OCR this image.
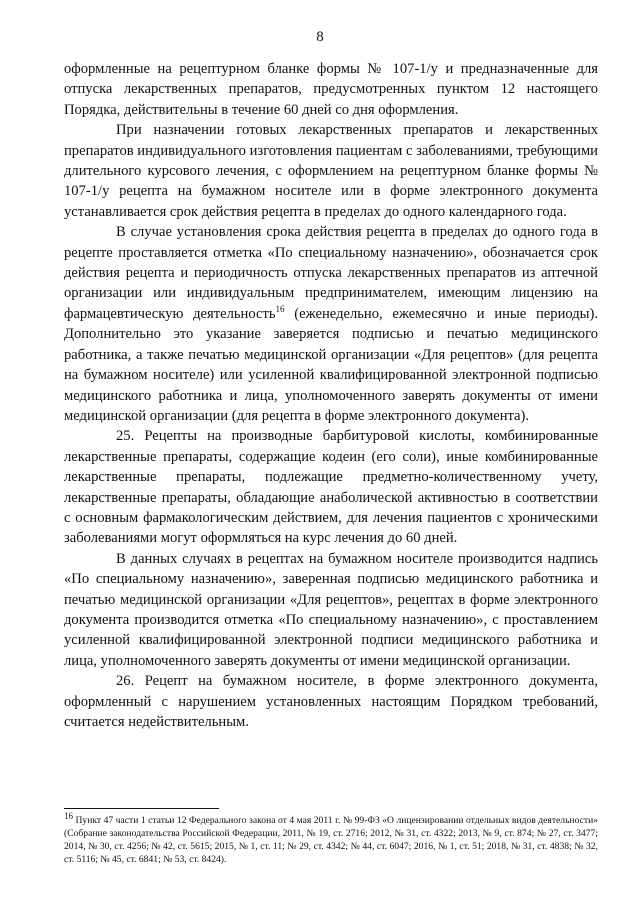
8

оформленные на рецептурном бланке формы № 107-1/у и предназначенные для отпуска лекарственных препаратов, предусмотренных пунктом 12 настоящего Порядка, действительны в течение 60 дней со дня оформления.

При назначении готовых лекарственных препаратов и лекарственных препаратов индивидуального изготовления пациентам с заболеваниями, требующими длительного курсового лечения, с оформлением на рецептурном бланке формы № 107-1/у рецепта на бумажном носителе или в форме электронного документа устанавливается срок действия рецепта в пределах до одного календарного года.

В случае установления срока действия рецепта в пределах до одного года в рецепте проставляется отметка «По специальному назначению», обозначается срок действия рецепта и периодичность отпуска лекарственных препаратов из аптечной организации или индивидуальным предпринимателем, имеющим лицензию на фармацевтическую деятельность$^{16}$ (еженедельно, ежемесячно и иные периоды). Дополнительно это указание заверяется подписью и печатью медицинского работника, а также печатью медицинской организации «Для рецептов» (для рецепта на бумажном носителе) или усиленной квалифицированной электронной подписью медицинского работника и лица, уполномоченного заверять документы от имени медицинской организации (для рецепта в форме электронного документа).

25. Рецепты на производные барбитуровой кислоты, комбинированные лекарственные препараты, содержащие кодеин (его соли), иные комбинированные лекарственные препараты, подлежащие предметно-количественному учету, лекарственные препараты, обладающие анаболической активностью в соответствии с основным фармакологическим действием, для лечения пациентов с хроническими заболеваниями могут оформляться на курс лечения до 60 дней.

В данных случаях в рецептах на бумажном носителе производится надпись «По специальному назначению», заверенная подписью медицинского работника и печатью медицинской организации «Для рецептов», рецептах в форме электронного документа производится отметка «По специальному назначению», с проставлением усиленной квалифицированной электронной подписи медицинского работника и лица, уполномоченного заверять документы от имени медицинской организации.

26. Рецепт на бумажном носителе, в форме электронного документа, оформленный с нарушением установленных настоящим Порядком требований, считается недействительным.

$^{16}$ Пункт 47 части 1 статьи 12 Федерального закона от 4 мая 2011 г. № 99-ФЗ «О лицензировании отдельных видов деятельности» (Собрание законодательства Российской Федерации, 2011, № 19, ст. 2716; 2012, № 31, ст. 4322; 2013, № 9, ст. 874; № 27, ст. 3477; 2014, № 30, ст. 4256; № 42, ст. 5615; 2015, № 1, ст. 11; № 29, ст. 4342; № 44, ст. 6047; 2016, № 1, ст. 51; 2018, № 31, ст. 4838; № 32, ст. 5116; № 45, ст. 6841; № 53, ст. 8424).
